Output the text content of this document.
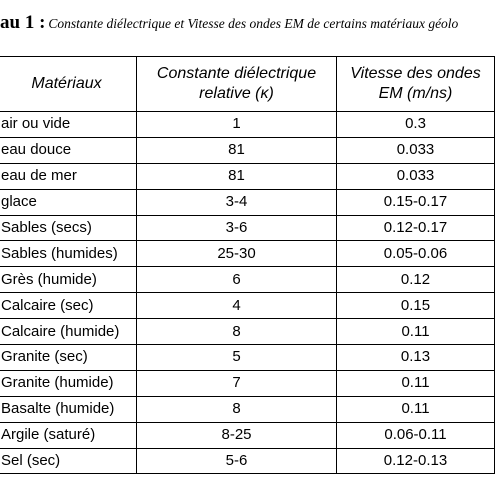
au 1 : Constante diélectrique et Vitesse des ondes EM de certains matériaux géolo
Matériaux	Constante diélectrique relative (κ)	Vitesse des ondes EM (m/ns)
air ou vide	1	0.3
eau douce	81	0.033
eau de mer	81	0.033
glace	3-4	0.15-0.17
Sables (secs)	3-6	0.12-0.17
Sables (humides)	25-30	0.05-0.06
Grès (humide)	6	0.12
Calcaire (sec)	4	0.15
Calcaire (humide)	8	0.11
Granite (sec)	5	0.13
Granite (humide)	7	0.11
Basalte (humide)	8	0.11
Argile (saturé)	8-25	0.06-0.11
Sel (sec)	5-6	0.12-0.13
